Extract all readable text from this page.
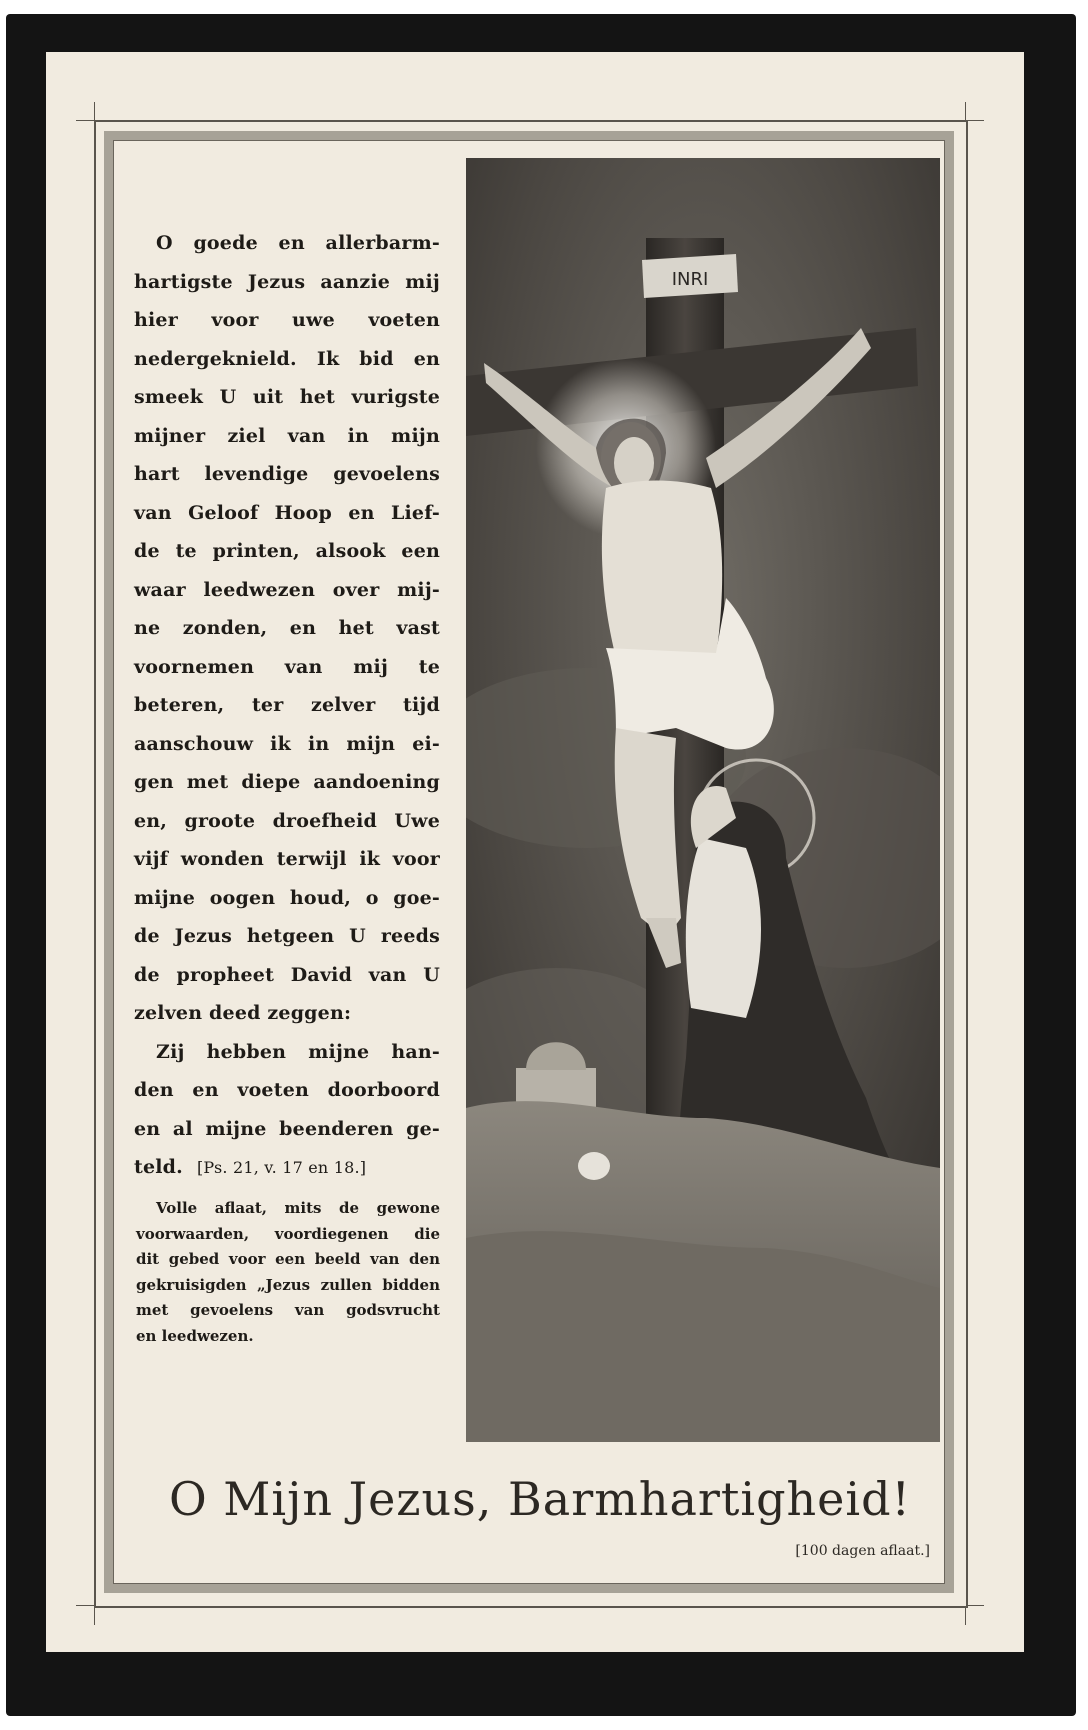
O goede en allerbarm-
hartigste Jezus aanzie mij
hier voor uwe voeten
nedergeknield. Ik bid en
smeek U uit het vurigste
mijner ziel van in mijn
hart levendige gevoelens
van Geloof Hoop en Lief-
de te printen, alsook een
waar leedwezen over mij-
ne zonden, en het vast
voornemen van mij te
beteren, ter zelver tijd
aanschouw ik in mijn ei-
gen met diepe aandoening
en, groote droefheid Uwe
vijf wonden terwijl ik voor
mijne oogen houd, o goe-
de Jezus hetgeen U reeds
de propheet David van U
zelven deed zeggen:
Zij hebben mijne han-
den en voeten doorboord
en al mijne beenderen ge-
teld. [Ps. 21, v. 17 en 18.]
Volle aflaat, mits de gewone
voorwaarden, voordiegenen die
dit gebed voor een beeld van den
gekruisigden „Jezus zullen bidden
met gevoelens van godsvrucht
en leedwezen.
INRI
O Mijn Jezus, Barmhartigheid!
[100 dagen aflaat.]
